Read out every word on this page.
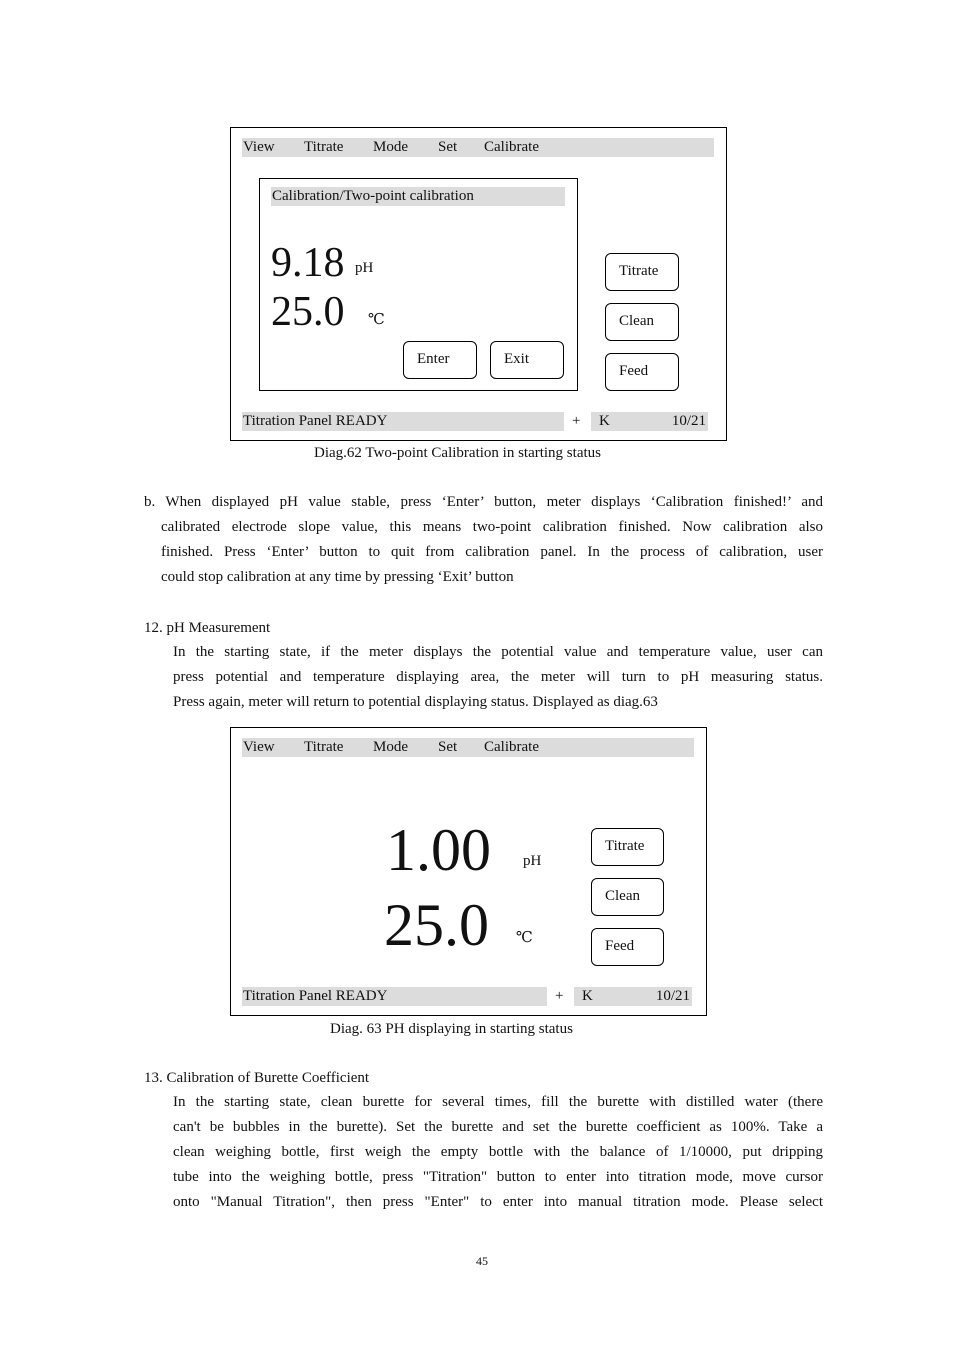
View Titrate Mode Set Calibrate
Calibration/Two-point calibration
9.18 pH
25.0 ℃
Enter	Exit
Titrate
Clean
Feed
Titration Panel READY	+ K	10/21
Diag.62 Two-point Calibration in starting status
b. When displayed pH value stable, press ‘Enter’ button, meter displays ‘Calibration finished!’ and
calibrated electrode slope value, this means two-point calibration finished. Now calibration also
finished. Press ‘Enter’ button to quit from calibration panel. In the process of calibration, user
could stop calibration at any time by pressing ‘Exit’ button
12. pH Measurement
In the starting state, if the meter displays the potential value and temperature value, user can
press potential and temperature displaying area, the meter will turn to pH measuring status.
Press again, meter will return to potential displaying status. Displayed as diag.63
View Titrate Mode Set Calibrate
1.00 pH
25.0 ℃
Titrate
Clean
Feed
Titration Panel READY	+ K	10/21
Diag. 63 PH displaying in starting status
13. Calibration of Burette Coefficient
In the starting state, clean burette for several times, fill the burette with distilled water (there
can't be bubbles in the burette). Set the burette and set the burette coefficient as 100%. Take a
clean weighing bottle, first weigh the empty bottle with the balance of 1/10000, put dripping
tube into the weighing bottle, press "Titration" button to enter into titration mode, move cursor
onto "Manual Titration", then press "Enter" to enter into manual titration mode. Please select
45
